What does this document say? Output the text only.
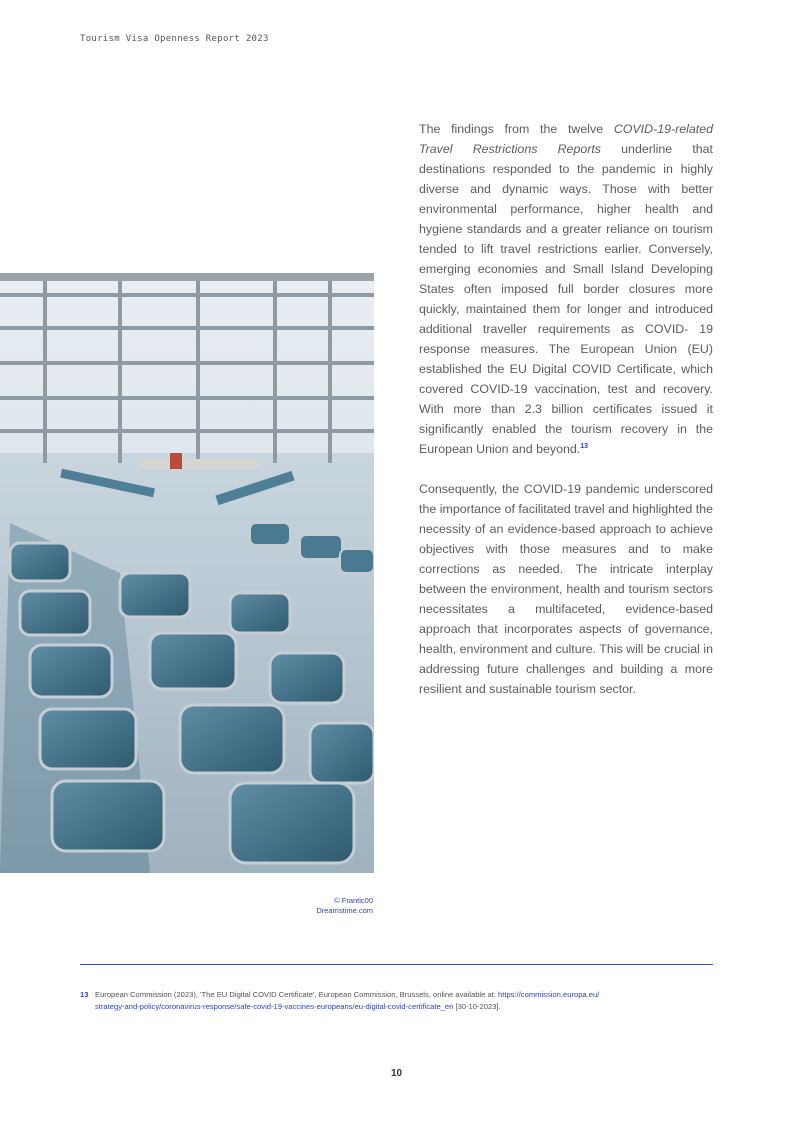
Tourism Visa Openness Report 2023
© Frantic00
Dreamstime.com

The findings from the twelve COVID-19-related Travel Restrictions Reports underline that destinations responded to the pandemic in highly diverse and dynamic ways. Those with better environmental performance, higher health and hygiene standards and a greater reliance on tourism tended to lift travel restrictions earlier. Conversely, emerging economies and Small Island Developing States often imposed full border closures more quickly, maintained them for longer and introduced additional traveller requirements as COVID- 19 response measures. The European Union (EU) established the EU Digital COVID Certificate, which covered COVID-19 vaccination, test and recovery. With more than 2.3 billion certificates issued it significantly enabled the tourism recovery in the European Union and beyond.$^{13}$

Consequently, the COVID-19 pandemic underscored the importance of facilitated travel and highlighted the necessity of an evidence-based approach to achieve objectives with those measures and to make corrections as needed. The intricate interplay between the environment, health and tourism sectors necessitates a multifaceted, evidence-based approach that incorporates aspects of governance, health, environment and culture. This will be crucial in addressing future challenges and building a more resilient and sustainable tourism sector.

13 European Commission (2023), 'The EU Digital COVID Certificate', European Commission, Brussels, online available at: https://commission.europa.eu/
strategy-and-policy/coronavirus-response/safe-covid-19-vaccines-europeans/eu-digital-covid-certificate_en [30-10-2023].
10
